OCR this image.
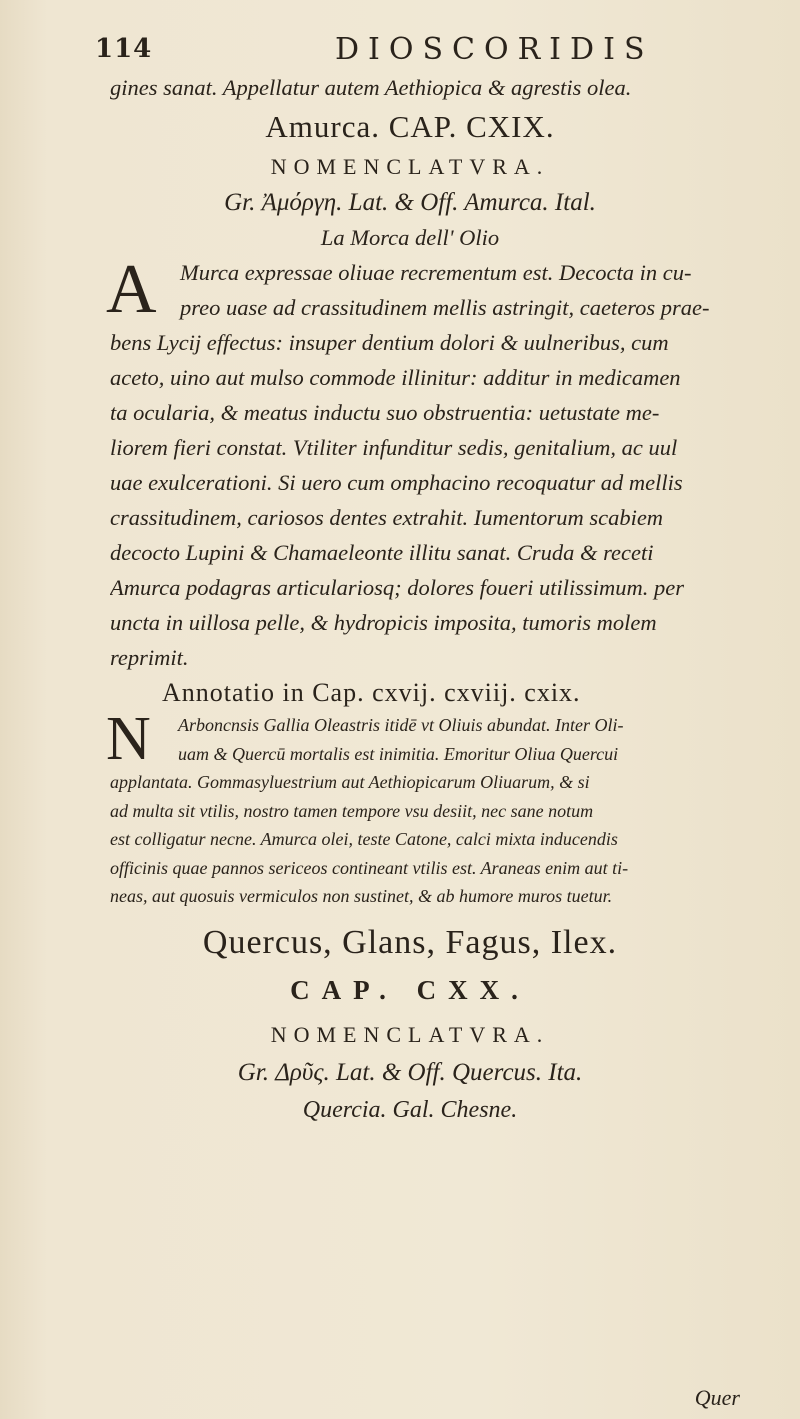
114	DIOSCORIDIS
gines sanat. Appellatur autem Aethiopica & agrestis olea.
Amurca. CAP. CXIX.
NOMENCLATVRA.
Gr. Ἀμόργη. Lat. & Off. Amurca. Ital.
La Morca dell' Olio
A	Murca expressae oliuae recrementum est. Decocta in cu-
preo uase ad crassitudinem mellis astringit, caeteros prae-
bens Lycij effectus: insuper dentium dolori & uulneribus, cum
aceto, uino aut mulso commode illinitur: additur in medicamen
ta ocularia, & meatus inductu suo obstruentia: uetustate me-
liorem fieri constat. Vtiliter infunditur sedis, genitalium, ac uul
uae exulcerationi. Si uero cum omphacino recoquatur ad mellis
crassitudinem, cariosos dentes extrahit. Iumentorum scabiem
decocto Lupini & Chamaeleonte illitu sanat. Cruda & receti
Amurca podagras articulariosq; dolores foueri utilissimum. per
uncta in uillosa pelle, & hydropicis imposita, tumoris molem
reprimit.
Annotatio in Cap. cxvij. cxviij. cxix.
N	Arboncnsis Gallia Oleastris itidē vt Oliuis abundat. Inter Oli-
uam & Quercū mortalis est inimitia. Emoritur Oliua Quercui
applantata. Gommasyluestrium aut Aethiopicarum Oliuarum, & si
ad multa sit vtilis, nostro tamen tempore vsu desiit, nec sane notum
est colligatur necne. Amurca olei, teste Catone, calci mixta inducendis
officinis quae pannos sericeos contineant vtilis est. Araneas enim aut ti-
neas, aut quosuis vermiculos non sustinet, & ab humore muros tuetur.
Quercus, Glans, Fagus, Ilex.
CAP. CXX.
NOMENCLATVRA.
Gr. Δρῦς. Lat. & Off. Quercus. Ita.
Quercia. Gal. Chesne.
Quer
